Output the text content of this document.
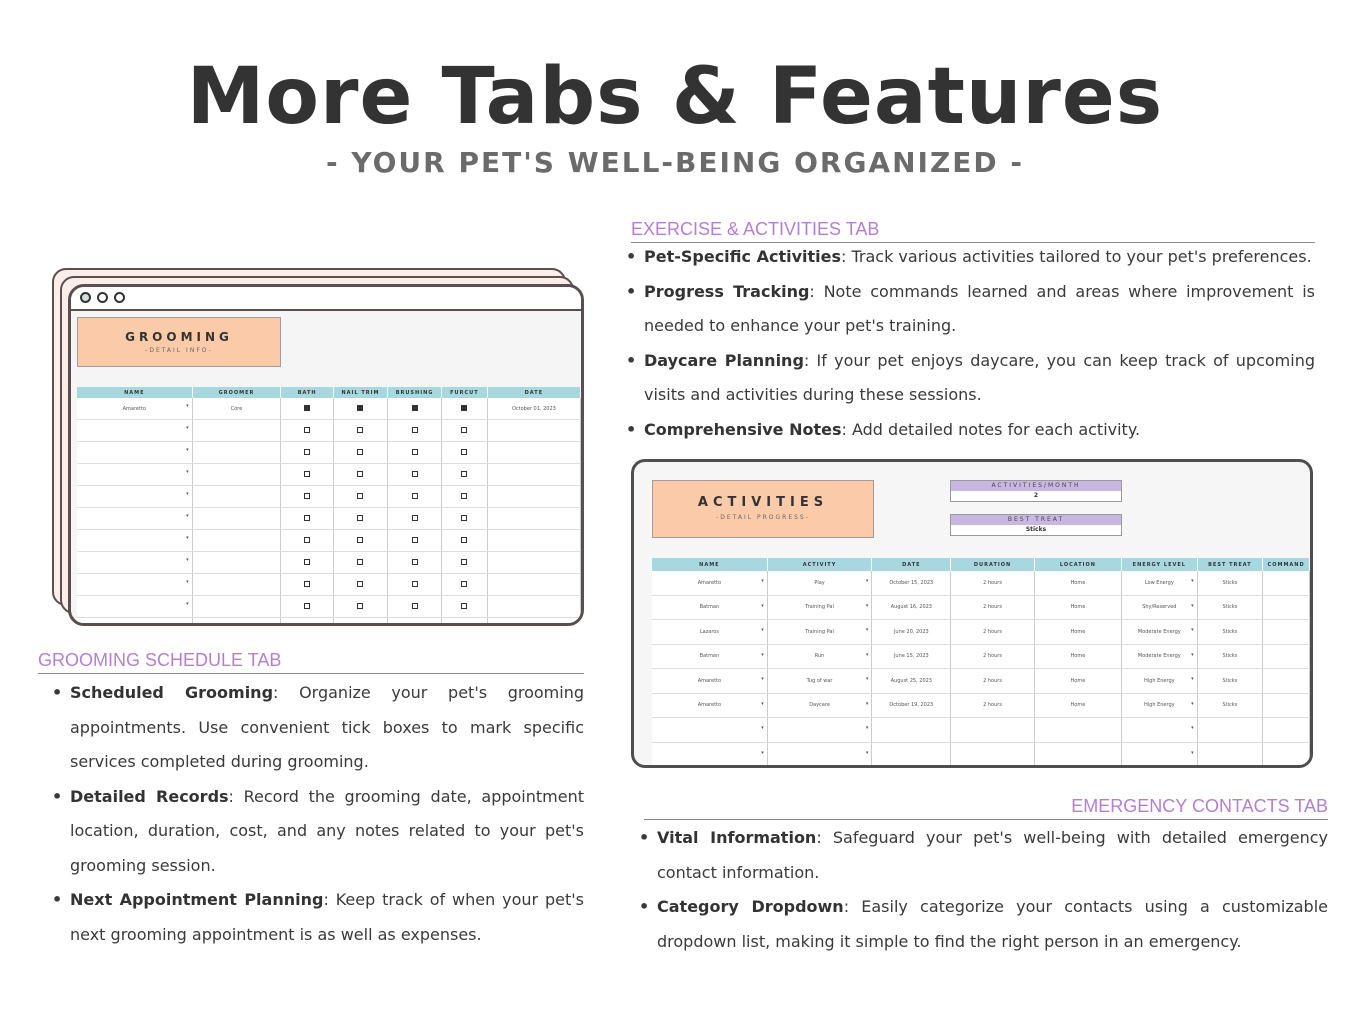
More Tabs & Features
- YOUR PET'S WELL-BEING ORGANIZED -
GROOMING
-DETAIL INFO-
NAME	GROOMER	BATH	NAIL TRIM	BRUSHING	FURCUT	DATE
Amaretto ▾	Core					October 01, 2023

▾						

▾						

▾						

▾						

▾						

▾						

▾						

▾						

▾						

▾						

GROOMING SCHEDULE TAB
• Scheduled Grooming: Organize your pet's grooming appointments. Use convenient tick boxes to mark specific services completed during grooming.
• Detailed Records: Record the grooming date, appointment location, duration, cost, and any notes related to your pet's grooming session.
• Next Appointment Planning: Keep track of when your pet's next grooming appointment is as well as expenses.
EXERCISE & ACTIVITIES TAB
• Pet-Specific Activities: Track various activities tailored to your pet's preferences.
• Progress Tracking: Note commands learned and areas where improvement is needed to enhance your pet's training.
• Daycare Planning: If your pet enjoys daycare, you can keep track of upcoming visits and activities during these sessions.
• Comprehensive Notes: Add detailed notes for each activity.
ACTIVITIES
-DETAIL PROGRESS-
ACTIVITIES/MONTH
2
BEST TREAT
Sticks
NAME	ACTIVITY	DATE	DURATION	LOCATION	ENERGY LEVEL	BEST TREAT	COMMAND
Amaretto ▾	Play ▾	October 15, 2023	2 hours	Home	Low Energy ▾	Sticks	
Batman ▾	Training Pal ▾	August 16, 2023	2 hours	Home	Shy/Reserved ▾	Sticks	
Lazaros ▾	Training Pal ▾	June 20, 2023	2 hours	Home	Moderate Energy ▾	Sticks	
Batman ▾	Run ▾	June 15, 2023	2 hours	Home	Moderate Energy ▾	Sticks	
Amaretto ▾	Tug of war ▾	August 25, 2023	2 hours	Home	High Energy ▾	Sticks	
Amaretto ▾	Daycare ▾	October 19, 2023	2 hours	Home	High Energy ▾	Sticks	

▾	▾				▾		

▾	▾				▾		

EMERGENCY CONTACTS TAB
• Vital Information: Safeguard your pet's well-being with detailed emergency contact information.
• Category Dropdown: Easily categorize your contacts using a customizable dropdown list, making it simple to find the right person in an emergency.
